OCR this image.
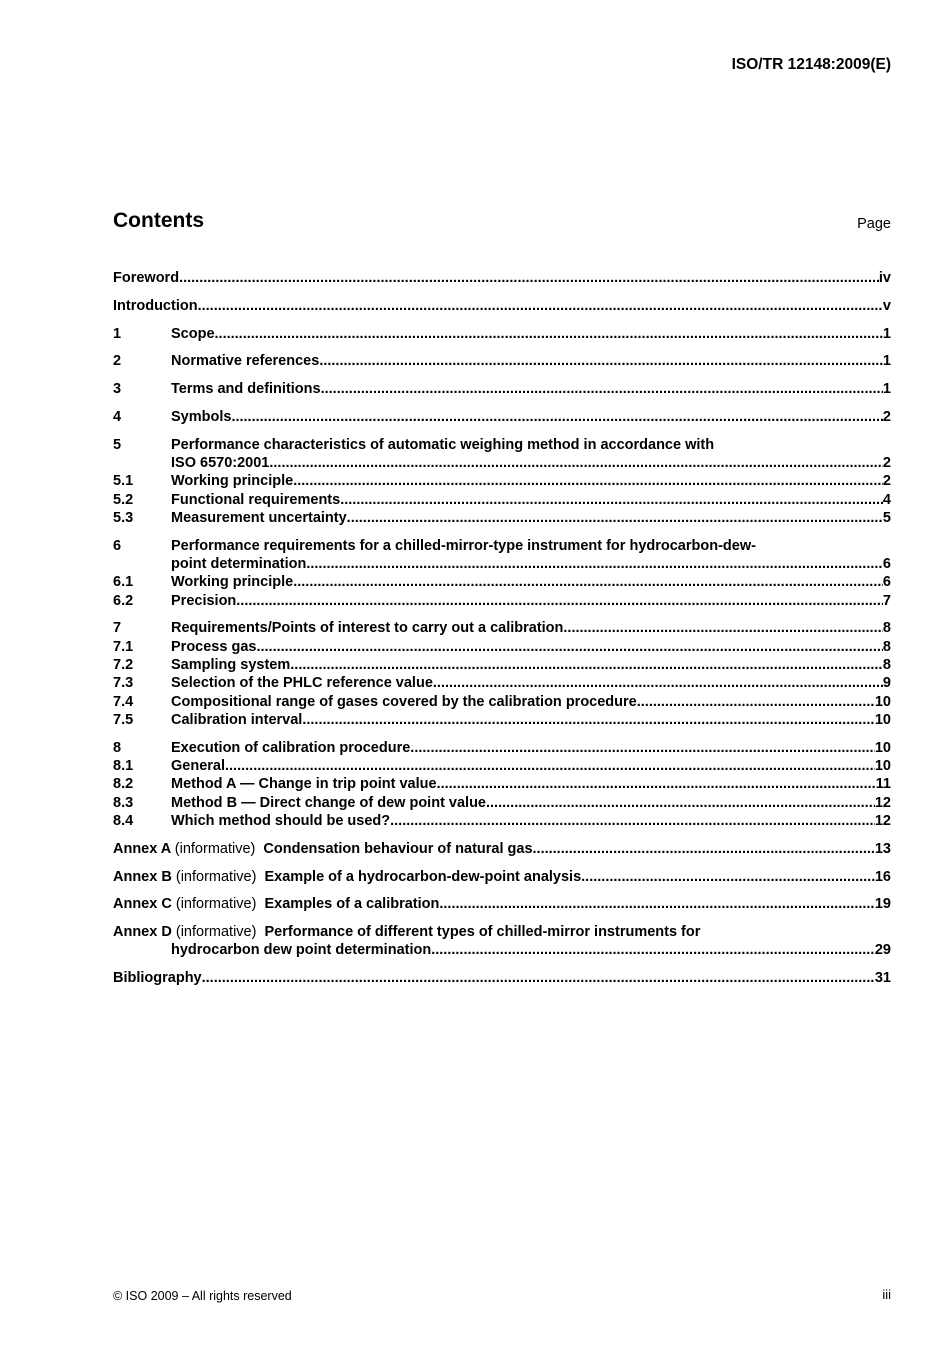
ISO/TR 12148:2009(E)
Contents	Page
Foreword .....	iv
Introduction .....	v
1	Scope .....	1
2	Normative references .....	1
3	Terms and definitions .....	1
4	Symbols .....	2
5	Performance characteristics of automatic weighing method in accordance with
ISO 6570:2001 .....	2
5.1	Working principle .....	2
5.2	Functional requirements .....	4
5.3	Measurement uncertainty .....	5
6	Performance requirements for a chilled-mirror-type instrument for hydrocarbon-dew-
point determination .....	6
6.1	Working principle .....	6
6.2	Precision .....	7
7	Requirements/Points of interest to carry out a calibration .....	8
7.1	Process gas .....	8
7.2	Sampling system .....	8
7.3	Selection of the PHLC reference value .....	9
7.4	Compositional range of gases covered by the calibration procedure .....	10
7.5	Calibration interval .....	10
8	Execution of calibration procedure .....	10
8.1	General .....	10
8.2	Method A — Change in trip point value .....	11
8.3	Method B — Direct change of dew point value .....	12
8.4	Which method should be used? .....	12
Annex A (informative) Condensation behaviour of natural gas .....	13
Annex B (informative) Example of a hydrocarbon-dew-point analysis .....	16
Annex C (informative) Examples of a calibration .....	19
Annex D (informative) Performance of different types of chilled-mirror instruments for
hydrocarbon dew point determination .....	29
Bibliography .....	31
© ISO 2009 – All rights reserved	iii
